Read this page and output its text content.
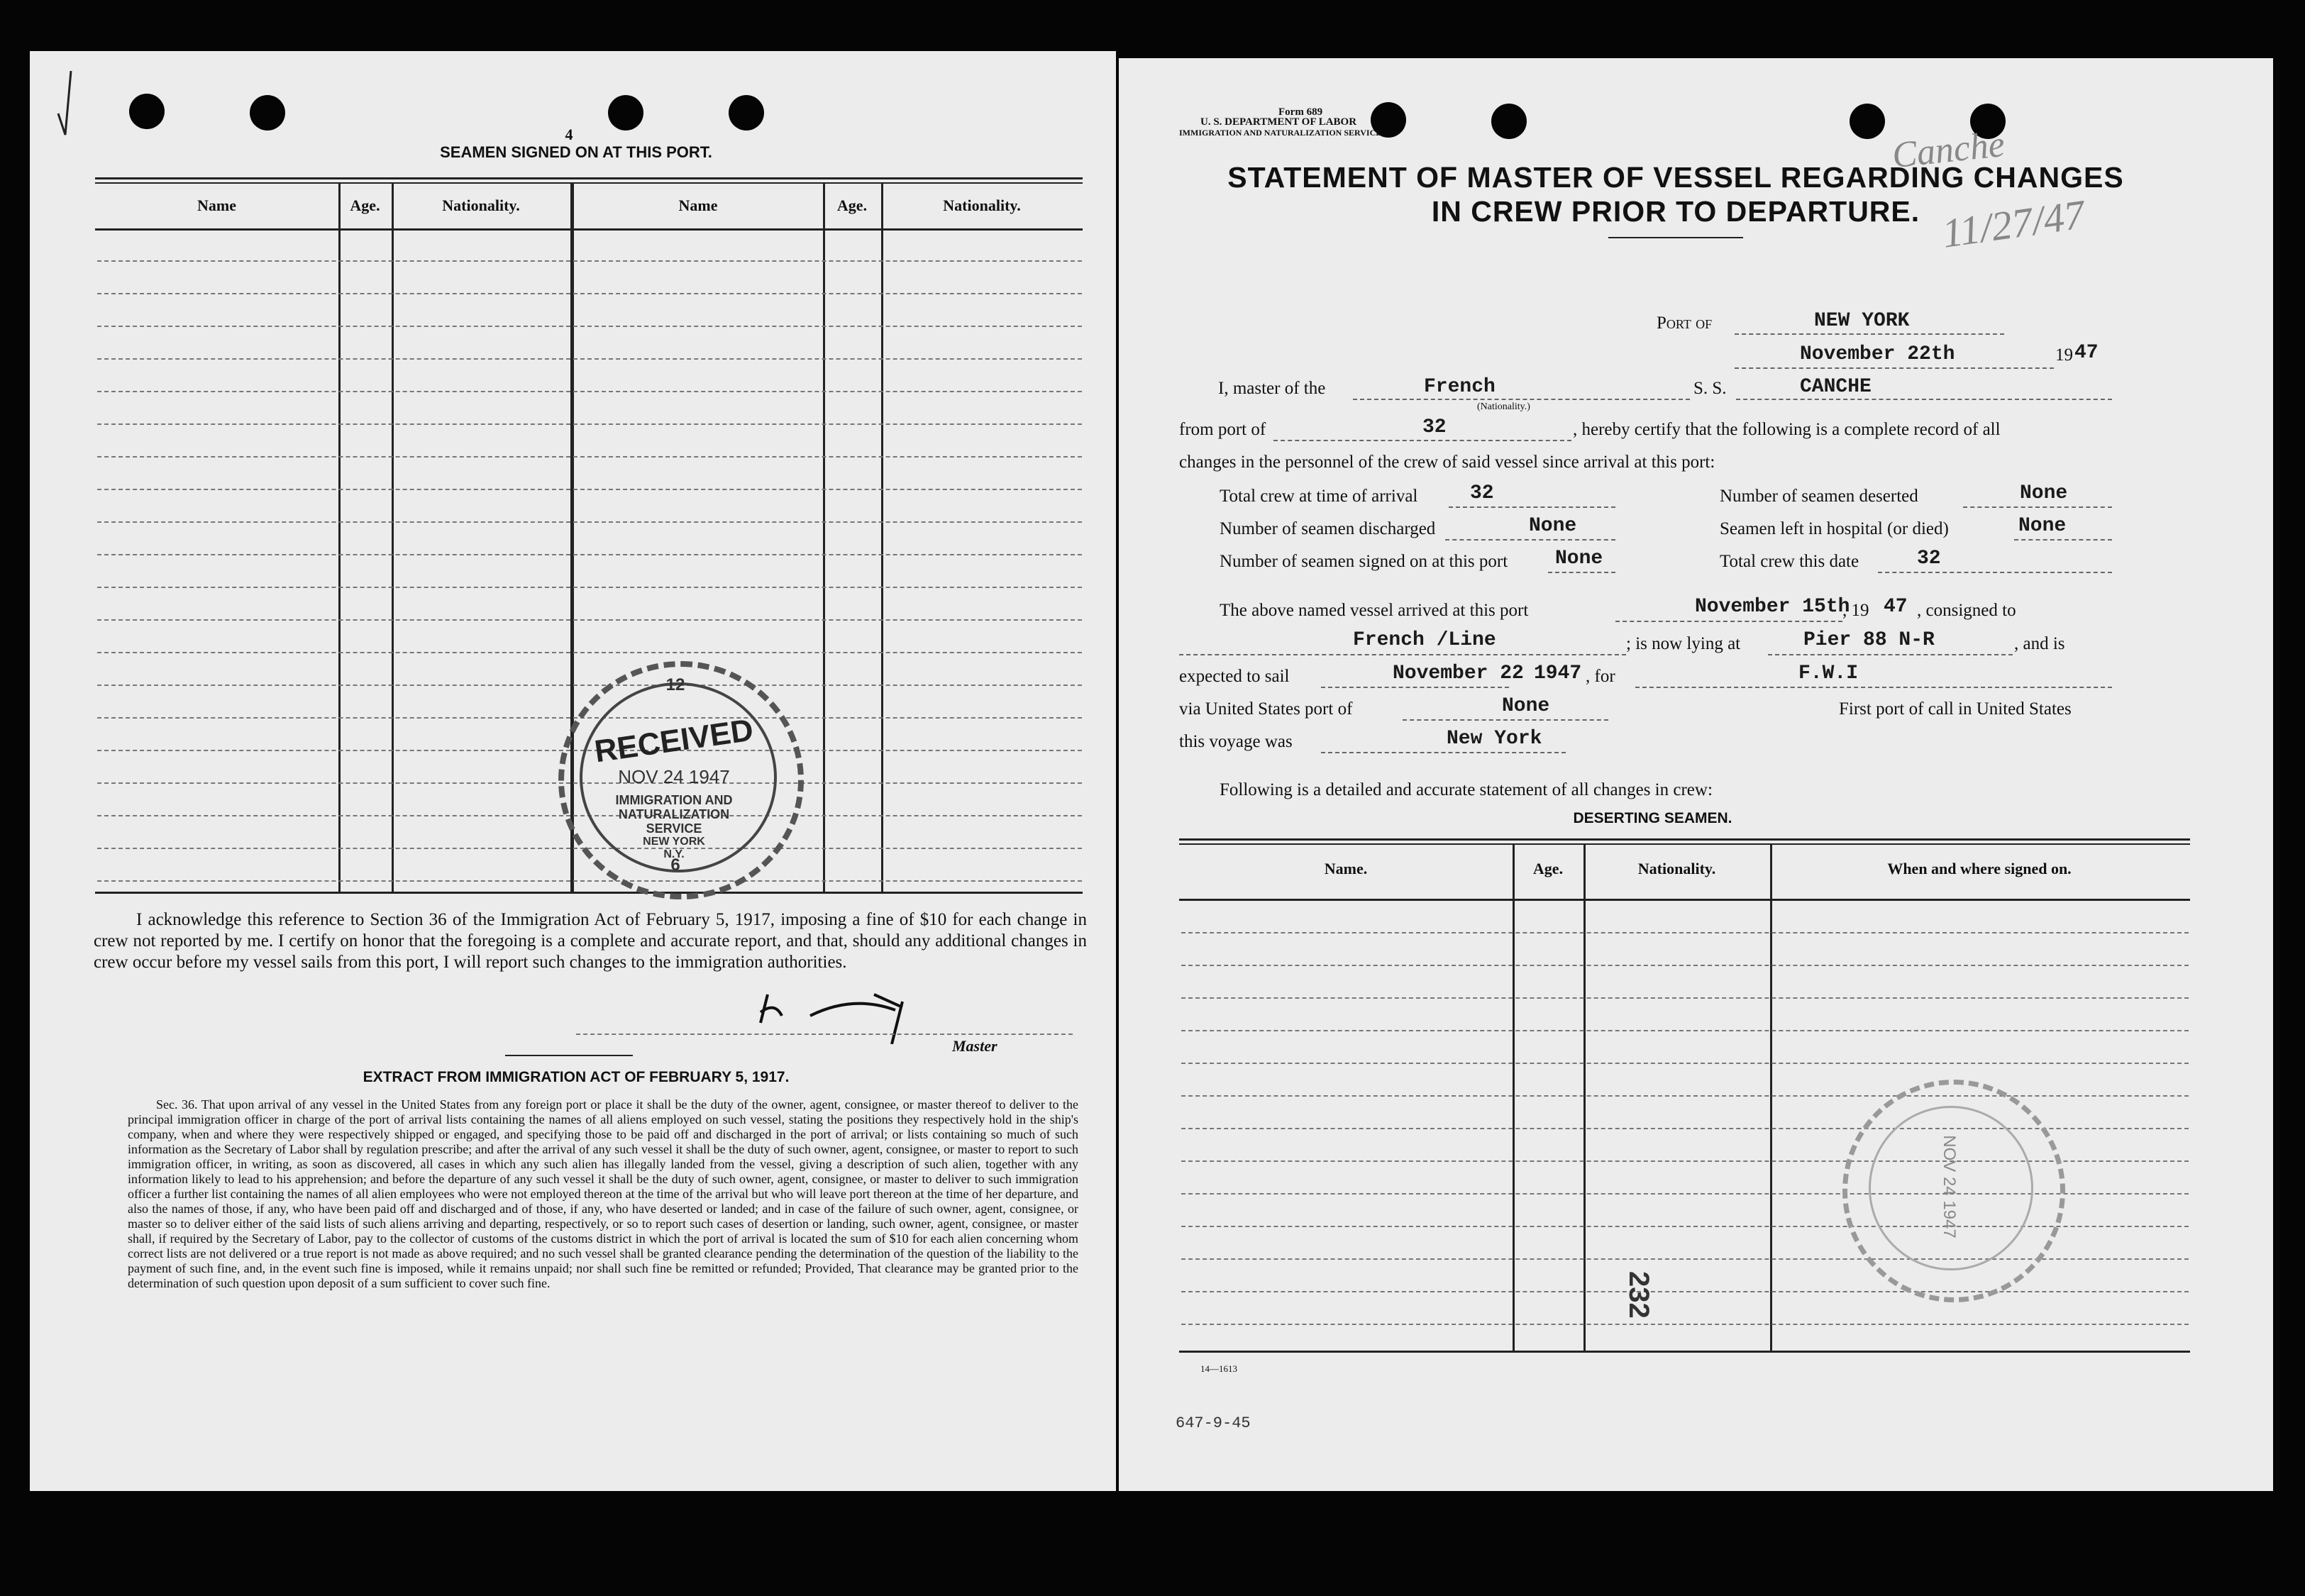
4
SEAMEN SIGNED ON AT THIS PORT.
Name	Age.	Nationality.	Name	Age.	Nationality.
12
6
RECEIVED
NOV 24 1947
IMMIGRATION AND
NATURALIZATION
SERVICE
NEW YORK
N.Y.
I acknowledge this reference to Section 36 of the Immigration Act of February 5, 1917, imposing a fine of $10 for each change in crew not reported by me. I certify on honor that the foregoing is a complete and accurate report, and that, should any additional changes in crew occur before my vessel sails from this port, I will report such changes to the immigration authorities.
Master
EXTRACT FROM IMMIGRATION ACT OF FEBRUARY 5, 1917.
Sec. 36. That upon arrival of any vessel in the United States from any foreign port or place it shall be the duty of the owner, agent, consignee, or master thereof to deliver to the principal immigration officer in charge of the port of arrival lists containing the names of all aliens employed on such vessel, stating the positions they respectively hold in the ship's company, when and where they were respectively shipped or engaged, and specifying those to be paid off and discharged in the port of arrival; or lists containing so much of such information as the Secretary of Labor shall by regulation prescribe; and after the arrival of any such vessel it shall be the duty of such owner, agent, consignee, or master to report to such immigration officer, in writing, as soon as discovered, all cases in which any such alien has illegally landed from the vessel, giving a description of such alien, together with any information likely to lead to his apprehension; and before the departure of any such vessel it shall be the duty of such owner, agent, consignee, or master to deliver to such immigration officer a further list containing the names of all alien employees who were not employed thereon at the time of the arrival but who will leave port thereon at the time of her departure, and also the names of those, if any, who have been paid off and discharged and of those, if any, who have deserted or landed; and in case of the failure of such owner, agent, consignee, or master so to deliver either of the said lists of such aliens arriving and departing, respectively, or so to report such cases of desertion or landing, such owner, agent, consignee, or master shall, if required by the Secretary of Labor, pay to the collector of customs of the customs district in which the port of arrival is located the sum of $10 for each alien concerning whom correct lists are not delivered or a true report is not made as above required; and no such vessel shall be granted clearance pending the determination of the question of the liability to the payment of such fine, and, in the event such fine is imposed, while it remains unpaid; nor shall such fine be remitted or refunded; Provided, That clearance may be granted prior to the determination of such question upon deposit of a sum sufficient to cover such fine.
Form 689
U. S. DEPARTMENT OF LABOR
IMMIGRATION AND NATURALIZATION SERVICE	Canche
11/27/47
STATEMENT OF MASTER OF VESSEL REGARDING CHANGES
IN CREW PRIOR TO DEPARTURE.
Port of	NEW YORK
November 22th	19 47
I, master of the	French
(Nationality.)
S. S.	CANCHE
from port of	32	, hereby certify that the following is a complete record of all
changes in the personnel of the crew of said vessel since arrival at this port:
Total crew at time of arrival	32	Number of seamen deserted	None
Number of seamen discharged	None	Seamen left in hospital (or died)	None
Number of seamen signed on at this port None	Total crew this date	32
The above named vessel arrived at this port	November 15th
, 19 47 , consigned to
French /Line	; is now lying at	Pier 88 N-R	, and is
expected to sail	November 22 1947 , for	F.W.I
via United States port of	None	First port of call in United States
this voyage was	New York
Following is a detailed and accurate statement of all changes in crew:
DESERTING SEAMEN.
Name.	Age.	Nationality.	When and where signed on.
NOV 24 1947
232
14—1613
647-9-45
